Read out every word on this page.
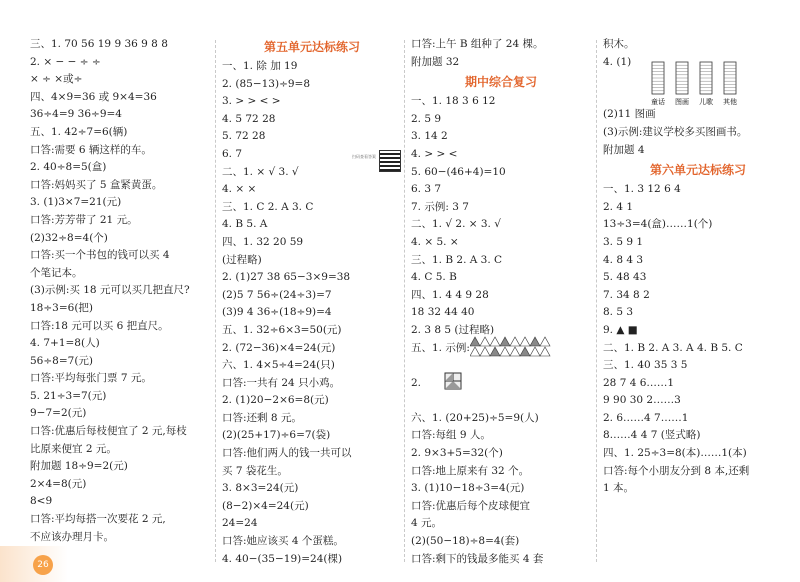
三、1. 70 56 19 9 36 9 8 8
2. × − − ÷ ÷
× ÷ ×或÷
四、4×9=36 或 9×4=36
36÷4=9 36÷9=4
五、1. 42÷7=6(辆)
口答:需要 6 辆这样的车。
2. 40÷8=5(盒)
口答:妈妈买了 5 盒紧黄蛋。
3. (1)3×7=21(元)
口答:芳芳带了 21 元。
(2)32÷8=4(个)
口答:买一个书包的钱可以买 4
个笔记本。
(3)示例:买 18 元可以买几把直尺?
18÷3=6(把)
口答:18 元可以买 6 把直尺。
4. 7+1=8(人)
56÷8=7(元)
口答:平均每张门票 7 元。
5. 21÷3=7(元)
9−7=2(元)
口答:优惠后每枝便宜了 2 元,每枝
比原来便宜 2 元。
附加题 18÷9=2(元)
2×4=8(元)
8<9
口答:平均每搭一次要花 2 元,
不应该办理月卡。
第五单元达标练习
一、1. 除 加 19
2. (85−13)÷9=8
3. > > < >
4. 5 72 28
5. 72 28
6. 7
二、1. × √ 3. √
4. × ×
三、1. C 2. A 3. C
4. B 5. A
四、1. 32 20 59
(过程略)
2. (1)27 38 65−3×9=38
(2)5 7 56÷(24÷3)=7
(3)9 4 36÷(18÷9)=4
五、1. 32÷6×3=50(元)
2. (72−36)×4=24(元)
六、1. 4×5÷4=24(只)
口答:一共有 24 只小鸡。
2. (1)20−2×6=8(元)
口答:还剩 8 元。
(2)(25+17)÷6=7(袋)
口答:他们两人的钱一共可以
买 7 袋花生。
3. 8×3=24(元)
(8−2)×4=24(元)
24=24
口答:她应该买 4 个蛋糕。
4. 40−(35−19)=24(棵)
口答:上午 B 组种了 24 棵。
附加题 32
期中综合复习
一、1. 18 3 6 12
2. 5 9
3. 14 2
4. > > <
5. 60−(46+4)=10
6. 3 7
7. 示例: 3 7
二、1. √ 2. × 3. √
4. × 5. ×
三、1. B 2. A 3. C
4. C 5. B
四、1. 4 4 9 28
18 32 44 40
2. 3 8 5 (过程略)
五、1. 示例:
2.
六、1. (20+25)÷5=9(人)
口答:每组 9 人。
2. 9×3+5=32(个)
口答:地上原来有 32 个。
3. (1)10−18÷3=4(元)
口答:优惠后每个皮球便宜
4 元。
(2)(50−18)÷8=4(套)
口答:剩下的钱最多能买 4 套
积木。
4. (1)
(2)11 图画
(3)示例:建议学校多买图画书。
附加题 4
第六单元达标练习
一、1. 3 12 6 4
2. 4 1
13÷3=4(盒)……1(个)
3. 5 9 1
4. 8 4 3
5. 48 43
7. 34 8 2
8. 5 3
9. ▲ ■
二、1. B 2. A 3. A 4. B 5. C
三、1. 40 35 3 5
28 7 4 6……1
9 90 30 2……3
2. 6……4 7……1
8……4 4 7 (竖式略)
四、1. 25÷3=8(本)……1(本)
口答:每个小朋友分到 8 本,还剩
1 本。
童话 图画 儿歌 其他
扫码查看答案
26
